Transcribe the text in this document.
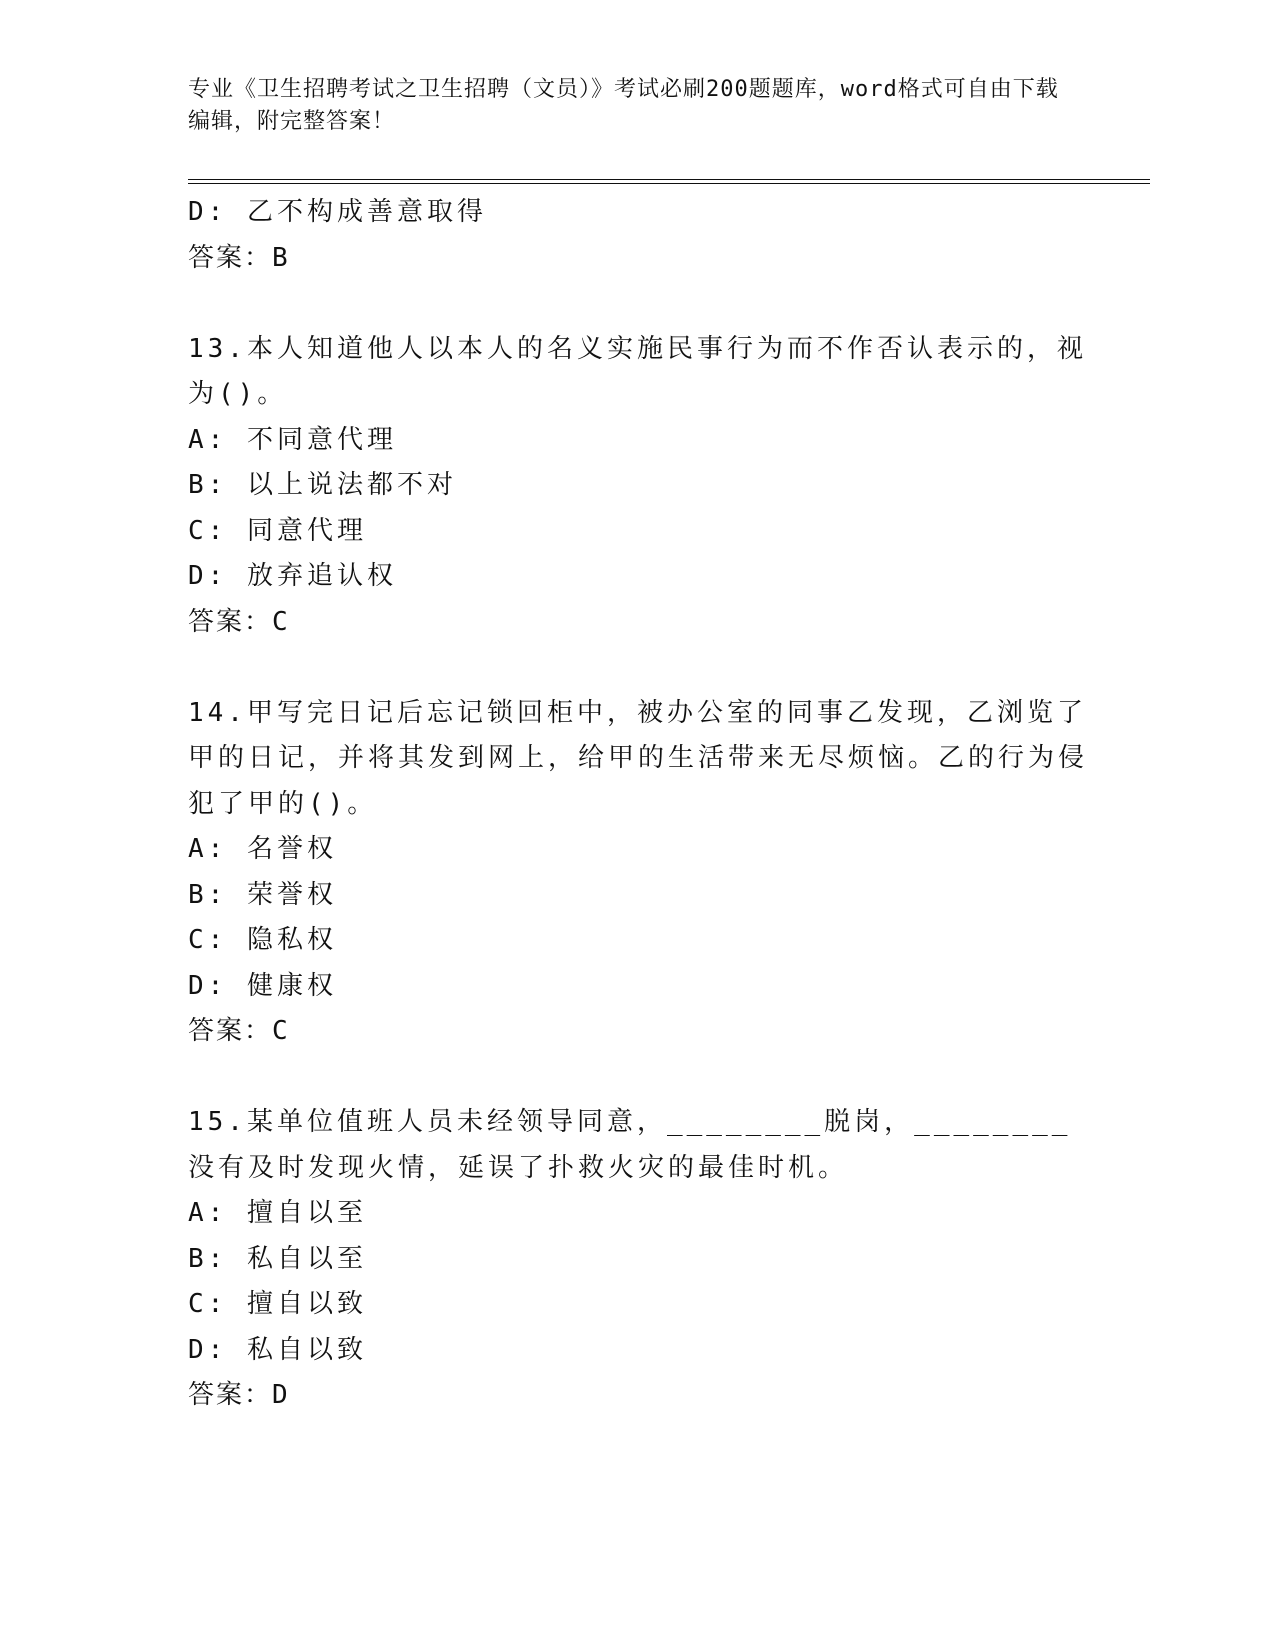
专业《卫生招聘考试之卫生招聘（文员）》考试必刷200题题库，word格式可自由下载编辑，附完整答案！
D: 乙不构成善意取得
答案：B
13.本人知道他人以本人的名义实施民事行为而不作否认表示的，视为()。
A: 不同意代理
B: 以上说法都不对
C: 同意代理
D: 放弃追认权
答案：C
14.甲写完日记后忘记锁回柜中，被办公室的同事乙发现，乙浏览了甲的日记，并将其发到网上，给甲的生活带来无尽烦恼。乙的行为侵犯了甲的()。
A: 名誉权
B: 荣誉权
C: 隐私权
D: 健康权
答案：C
15.某单位值班人员未经领导同意，________脱岗，________没有及时发现火情，延误了扑救火灾的最佳时机。
A: 擅自以至
B: 私自以至
C: 擅自以致
D: 私自以致
答案：D
